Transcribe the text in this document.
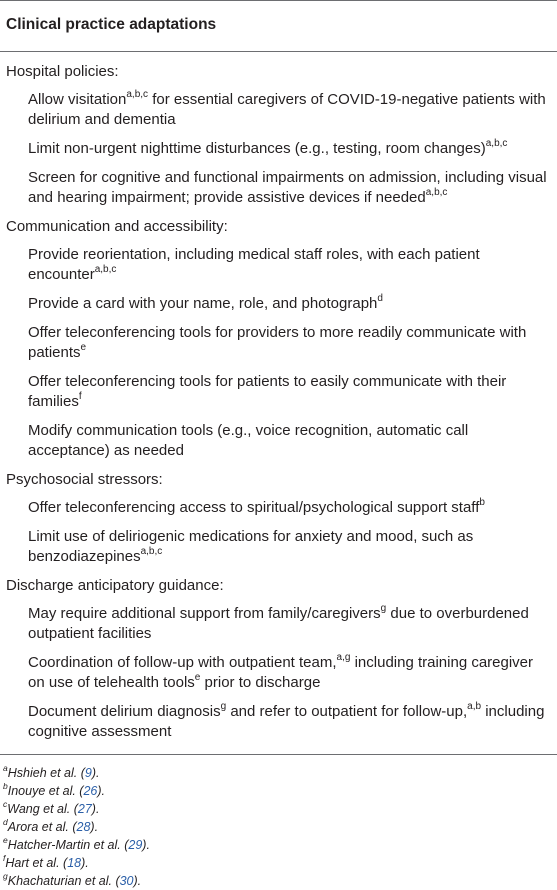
Clinical practice adaptations
Hospital policies:
Allow visitation$^{a,b,c}$ for essential caregivers of COVID-19-negative patients with delirium and dementia
Limit non-urgent nighttime disturbances (e.g., testing, room changes)$^{a,b,c}$
Screen for cognitive and functional impairments on admission, including visual and hearing impairment; provide assistive devices if needed$^{a,b,c}$
Communication and accessibility:
Provide reorientation, including medical staff roles, with each patient encounter$^{a,b,c}$
Provide a card with your name, role, and photograph$^d$
Offer teleconferencing tools for providers to more readily communicate with patients$^e$
Offer teleconferencing tools for patients to easily communicate with their families$^f$
Modify communication tools (e.g., voice recognition, automatic call acceptance) as needed
Psychosocial stressors:
Offer teleconferencing access to spiritual/psychological support staff$^b$
Limit use of deliriogenic medications for anxiety and mood, such as benzodiazepines$^{a,b,c}$
Discharge anticipatory guidance:
May require additional support from family/caregivers$^g$ due to overburdened outpatient facilities
Coordination of follow-up with outpatient team,$^{a,g}$ including training caregiver on use of telehealth tools$^e$ prior to discharge
Document delirium diagnosis$^g$ and refer to outpatient for follow-up,$^{a,b}$ including cognitive assessment
$^a$Hshieh et al. (9).
$^b$Inouye et al. (26).
$^c$Wang et al. (27).
$^d$Arora et al. (28).
$^e$Hatcher-Martin et al. (29).
$^f$Hart et al. (18).
$^g$Khachaturian et al. (30).
